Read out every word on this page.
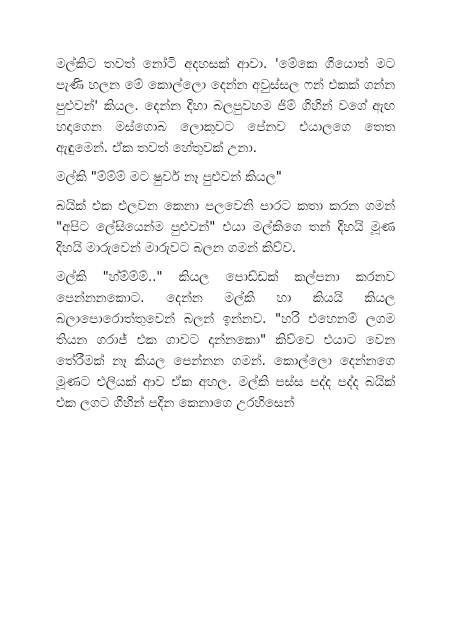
මල්කිට තවත් නෝටි අදහසක් ආවා. 'මේකෙ ගියොත් මට පැණි හලන මේ කොල්ලො දෙන්න අවුස්සල ෆන් එකක් ගන්න පුළුවන්' කියල. දෙන්න දිහා බලපුවහම ජිම් ගිහින් වගේ ඇඟ හදාගෙන මස්ගොබ ලොකුවට පේනව එයාලගෙ තෙත ඇඳුමෙන්. ඒක තවත් හේතුවක් උනා.

මල්කි "ම්ම්ම් මට ෂුවර් නෑ පුළුවන් කියල"

බයික් එක එලවන කෙනා පලවෙනි පාරට කතා කරන ගමන් "අපිට ලේසියෙන්ම පුළුවන්" එයා මල්කිගෙ තන් දිහයි මූණ දිහයි මාරුවෙන් මාරුවට බලන ගමන් කිව්ව.

මල්කි "හ්ම්ම්ම්.." කියල පොඩ්ඩක් කල්පනා කරනව පෙන්නනකොට. දෙන්න මල්කි හා කියයි කියල බලාපොරොත්තුවෙන් බලන් ඉන්නව. "හරි එහෙනම් ලගම තියන ගරාජ් එක ගාවට දාන්නකො" කිව්වෙ එයාට වෙන තේරීමක් නෑ කියල පෙන්නන ගමන්. කොල්ලො දෙන්නගෙ මූණට එලියක් ආව ඒක අහල. මල්කි පස්ස පද්ද පද්ද බයික් එක ලගට ගිහින් පදින කෙනාගෙ උරහිසෙන්
